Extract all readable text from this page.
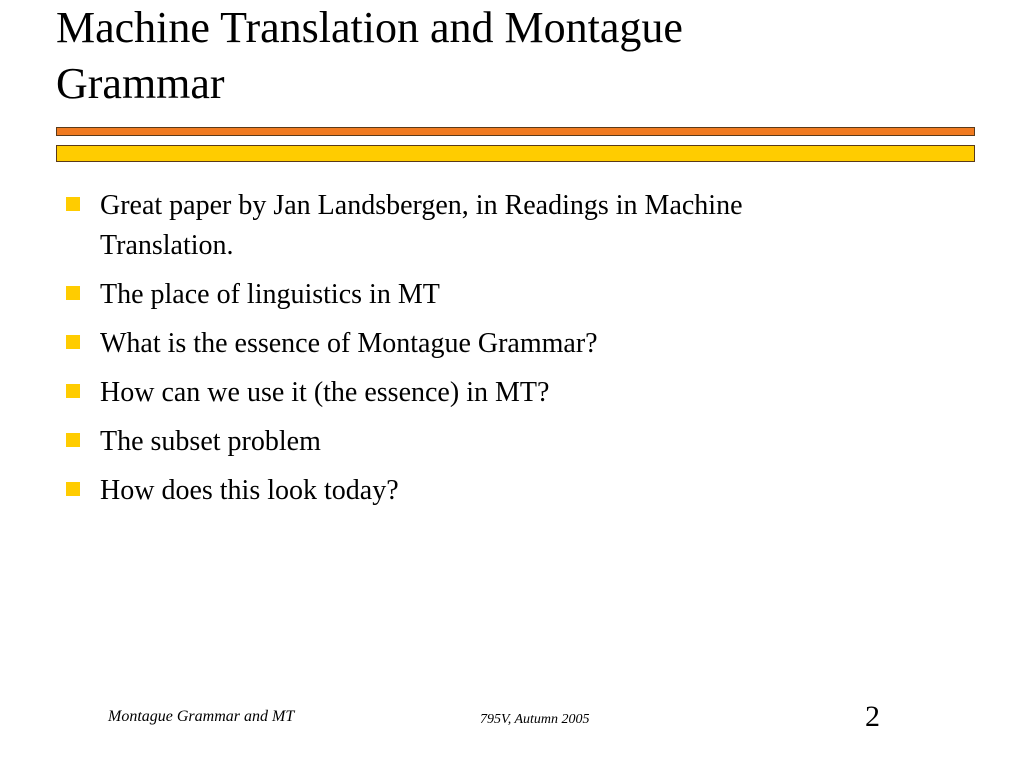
Machine Translation and Montague
Grammar
Great paper by Jan Landsbergen, in Readings in Machine
Translation.
The place of linguistics in MT
What is the essence of Montague Grammar?
How can we use it (the essence) in MT?
The subset problem
How does this look today?
Montague Grammar and MT	795V, Autumn 2005	2
